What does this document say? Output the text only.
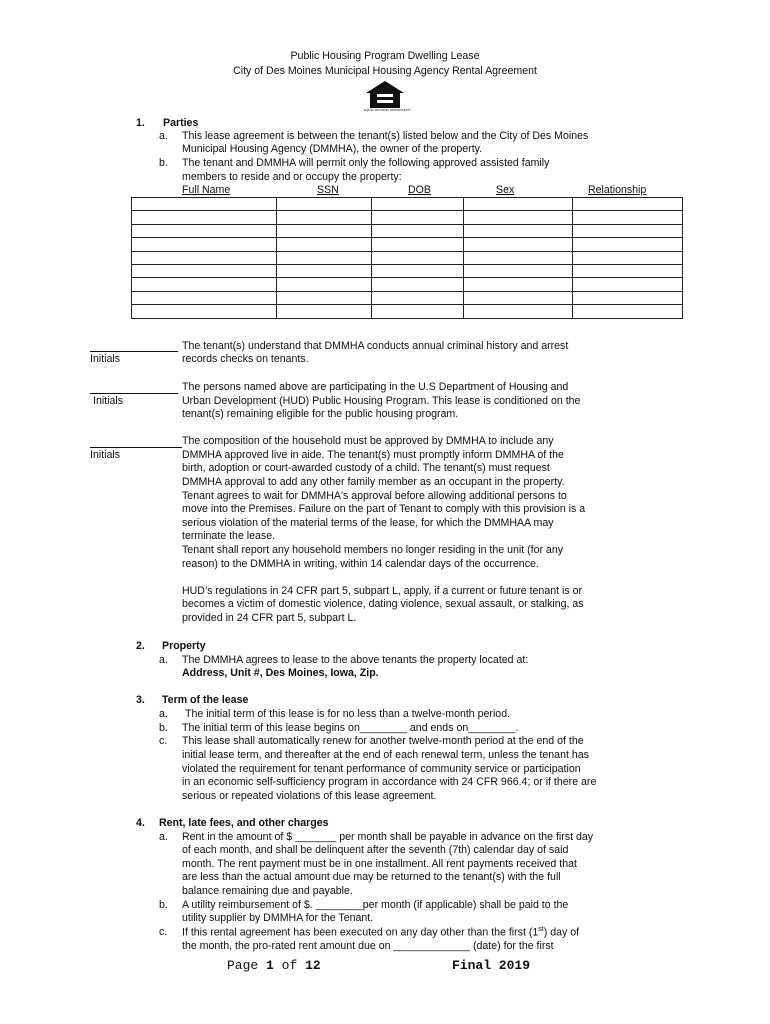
Public Housing Program Dwelling Lease
City of Des Moines Municipal Housing Agency Rental Agreement
EQUAL HOUSING OPPORTUNITY
1. Parties
a. This lease agreement is between the tenant(s) listed below and the City of Des Moines
Municipal Housing Agency (DMMHA), the owner of the property.
b. The tenant and DMMHA will permit only the following approved assisted family
members to reside and or occupy the property:
Full Name	SSN	DOB	Sex	Relationship

Initials
The tenant(s) understand that DMMHA conducts annual criminal history and arrest
records checks on tenants.
Initials
The persons named above are participating in the U.S Department of Housing and
Urban Development (HUD) Public Housing Program. This lease is conditioned on the
tenant(s) remaining eligible for the public housing program.
Initials
The composition of the household must be approved by DMMHA to include any
DMMHA approved live in aide. The tenant(s) must promptly inform DMMHA of the
birth, adoption or court-awarded custody of a child. The tenant(s) must request
DMMHA approval to add any other family member as an occupant in the property.
Tenant agrees to wait for DMMHA's approval before allowing additional persons to
move into the Premises. Failure on the part of Tenant to comply with this provision is a
serious violation of the material terms of the lease, for which the DMMHAA may
terminate the lease.
Tenant shall report any household members no longer residing in the unit (for any
reason) to the DMMHA in writing, within 14 calendar days of the occurrence.
HUD’s regulations in 24 CFR part 5, subpart L, apply, if a current or future tenant is or
becomes a victim of domestic violence, dating violence, sexual assault, or stalking, as
provided in 24 CFR part 5, subpart L.
2. Property
a. The DMMHA agrees to lease to the above tenants the property located at:
Address, Unit #, Des Moines, Iowa, Zip.
3. Term of the lease
a. The initial term of this lease is for no less than a twelve-month period.
b. The initial term of this lease begins on________ and ends on________.
c. This lease shall automatically renew for another twelve-month period at the end of the
initial lease term, and thereafter at the end of each renewal term, unless the tenant has
violated the requirement for tenant performance of community service or participation
in an economic self-sufficiency program in accordance with 24 CFR 966.4; or if there are
serious or repeated violations of this lease agreement.
4. Rent, late fees, and other charges
a. Rent in the amount of $ _______ per month shall be payable in advance on the first day
of each month, and shall be delinquent after the seventh (7th) calendar day of said
month. The rent payment must be in one installment. All rent payments received that
are less than the actual amount due may be returned to the tenant(s) with the full
balance remaining due and payable.
b. A utility reimbursement of $. ________per month (if applicable) shall be paid to the
utility supplier by DMMHA for the Tenant.
c. If this rental agreement has been executed on any day other than the first (1st) day of
the month, the pro-rated rent amount due on _____________ (date) for the first
Page 1 of 12	Final 2019
